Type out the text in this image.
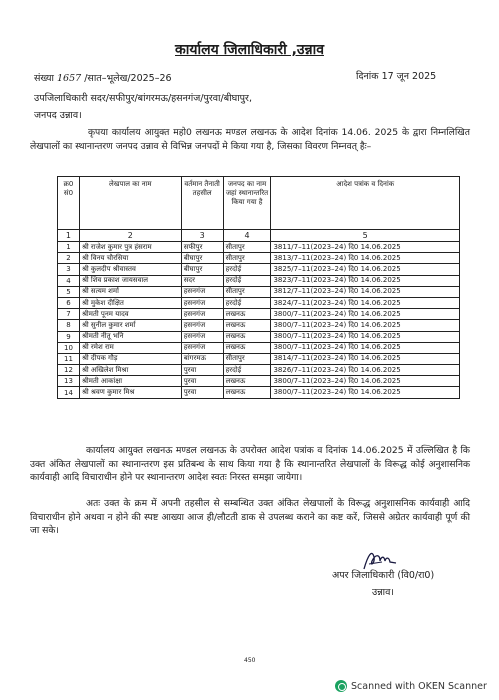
कार्यालय जिलाधिकारी ,उन्नाव
संख्या 1657 /सात–भूलेख/2025–26	दिनांक 17 जून 2025
उपजिलाधिकारी सदर/सफीपुर/बांगरमऊ/हसनगंज/पुरवा/बीघापुर,
जनपद उन्नाव।
कृपया कार्यालय आयुक्त महो0 लखनऊ मण्डल लखनऊ के आदेश दिनांक 14.06. 2025 के द्वारा निम्नलिखित लेखपालों का स्थानान्तरण जनपद उन्नाव से विभिन्न जनपदों मे किया गया है, जिसका विवरण निम्नवत् हैः–
क्र0 सं0	लेखपाल का नाम	वर्तमान तैनाती तहसील	जनपद का नाम जहां स्थानान्तरित किया गया है	आदेश पत्रांक व दिनांक
1	2	3	4	5
1	श्री राजेश कुमार पुत्र हंसराम	सफीपुर	सीतापुर	3811/7–11(2023–24) दि0 14.06.2025
2	श्री विनय चौरसिया	बीघापुर	सीतापुर	3813/7–11(2023–24) दि0 14.06.2025
3	श्री कुलदीप श्रीवास्तव	बीघापुर	हरदोई	3825/7–11(2023–24) दि0 14.06.2025
4	श्री शिव प्रकाश जायसवाल	सदर	हरदोई	3823/7–11(2023–24) दि0 14.06.2025
5	श्री सत्यम शर्मा	हसनगंज	सीतापुर	3812/7–11(2023–24) दि0 14.06.2025
6	श्री मुकेश दीक्षित	हसनगंज	हरदोई	3824/7–11(2023–24) दि0 14.06.2025
7	श्रीमती पूनम यादव	हसनगंज	लखनऊ	3800/7–11(2023–24) दि0 14.06.2025
8	श्री सुनील कुमार शर्मा	हसनगंज	लखनऊ	3800/7–11(2023–24) दि0 14.06.2025
9	श्रीमती नीतू भनि	हसनगंज	लखनऊ	3800/7–11(2023–24) दि0 14.06.2025
10	श्री रमेश राम	हसनगंज	लखनऊ	3800/7–11(2023–24) दि0 14.06.2025
11	श्री दीपक गौड़	बांगरमऊ	सीतापुर	3814/7–11(2023–24) दि0 14.06.2025
12	श्री अखिलेश मिश्रा	पुरवा	हरदोई	3826/7–11(2023–24) दि0 14.06.2025
13	श्रीमती आकांक्षा	पुरवा	लखनऊ	3800/7–11(2023–24) दि0 14.06.2025
14	श्री श्रवण कुमार मिश्र	पुरवा	लखनऊ	3800/7–11(2023–24) दि0 14.06.2025
कार्यालय आयुक्त लखनऊ मण्डल लखनऊ के उपरोक्त आदेश पत्रांक व दिनांक 14.06.2025 में उल्लिखित है कि उक्त अंकित लेखपालों का स्थानान्तरण इस प्रतिबन्ध के साथ किया गया है कि स्थानान्तरित लेखपालों के विरूद्ध कोई अनुशासनिक कार्यवाही आदि विचाराधीन होने पर स्थानान्तरण आदेश स्वतः निरस्त समझा जायेगा।
अतः उक्त के क्रम में अपनी तहसील से सम्बन्धित उक्त अंकित लेखपालों के विरूद्ध अनुशासनिक कार्यवाही आदि विचाराधीन होने अथवा न होने की स्पष्ट आख्या आज ही/लौटती डाक से उपलब्ध कराने का कष्ट करें, जिससे अग्रेतर कार्यवाही पूर्ण की जा सके।
अपर जिलाधिकारी (वि0/रा0)
उन्नाव।
450
Scanned with OKEN Scanner
